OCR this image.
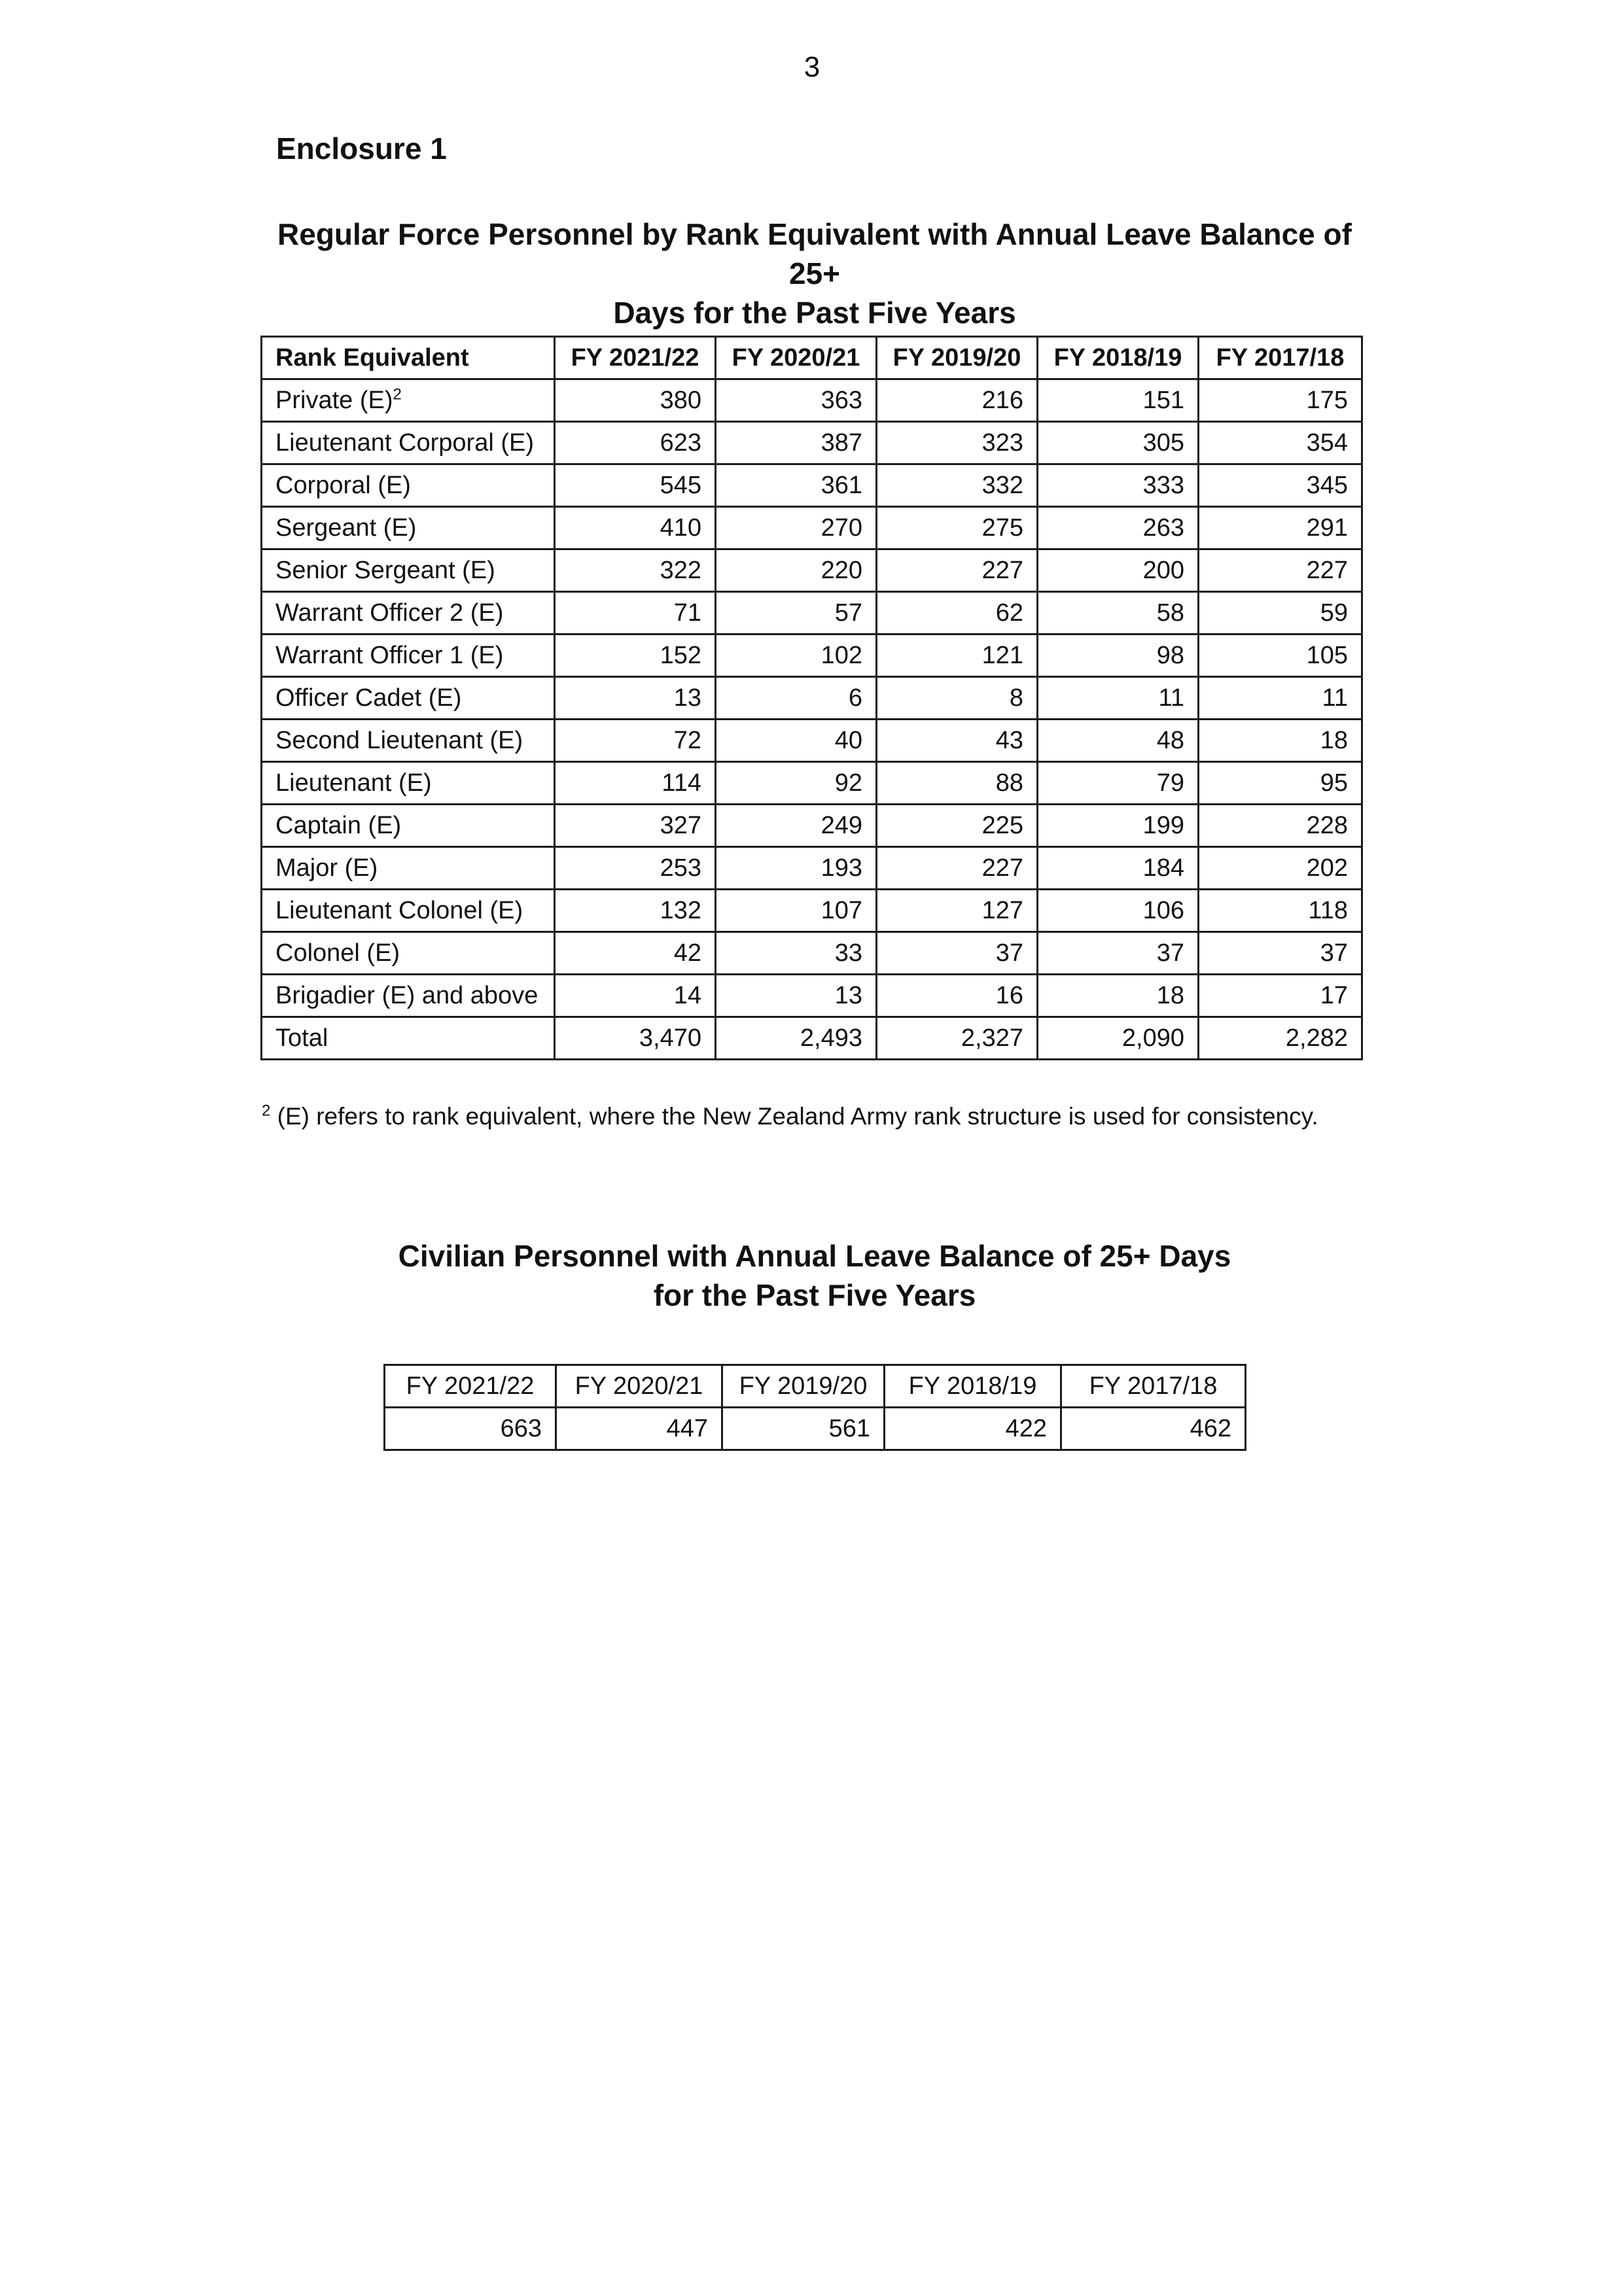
3
Enclosure 1
Regular Force Personnel by Rank Equivalent with Annual Leave Balance of 25+
Days for the Past Five Years
Rank Equivalent	FY 2021/22	FY 2020/21	FY 2019/20	FY 2018/19	FY 2017/18
Private $(E)^2$	380	363	216	151	175
Lieutenant Corporal (E)	623	387	323	305	354
Corporal (E)	545	361	332	333	345
Sergeant (E)	410	270	275	263	291
Senior Sergeant (E)	322	220	227	200	227
Warrant Officer 2 (E)	71	57	62	58	59
Warrant Officer 1 (E)	152	102	121	98	105
Officer Cadet (E)	13	6	8	11	11
Second Lieutenant (E)	72	40	43	48	18
Lieutenant (E)	114	92	88	79	95
Captain (E)	327	249	225	199	228
Major (E)	253	193	227	184	202
Lieutenant Colonel (E)	132	107	127	106	118
Colonel (E)	42	33	37	37	37
Brigadier (E) and above	14	13	16	18	17
Total	3,470	2,493	2,327	2,090	2,282
$^2$ (E) refers to rank equivalent, where the New Zealand Army rank structure is used for consistency.
Civilian Personnel with Annual Leave Balance of 25+ Days
for the Past Five Years
FY 2021/22	FY 2020/21	FY 2019/20	FY 2018/19	FY 2017/18
663	447	561	422	462
